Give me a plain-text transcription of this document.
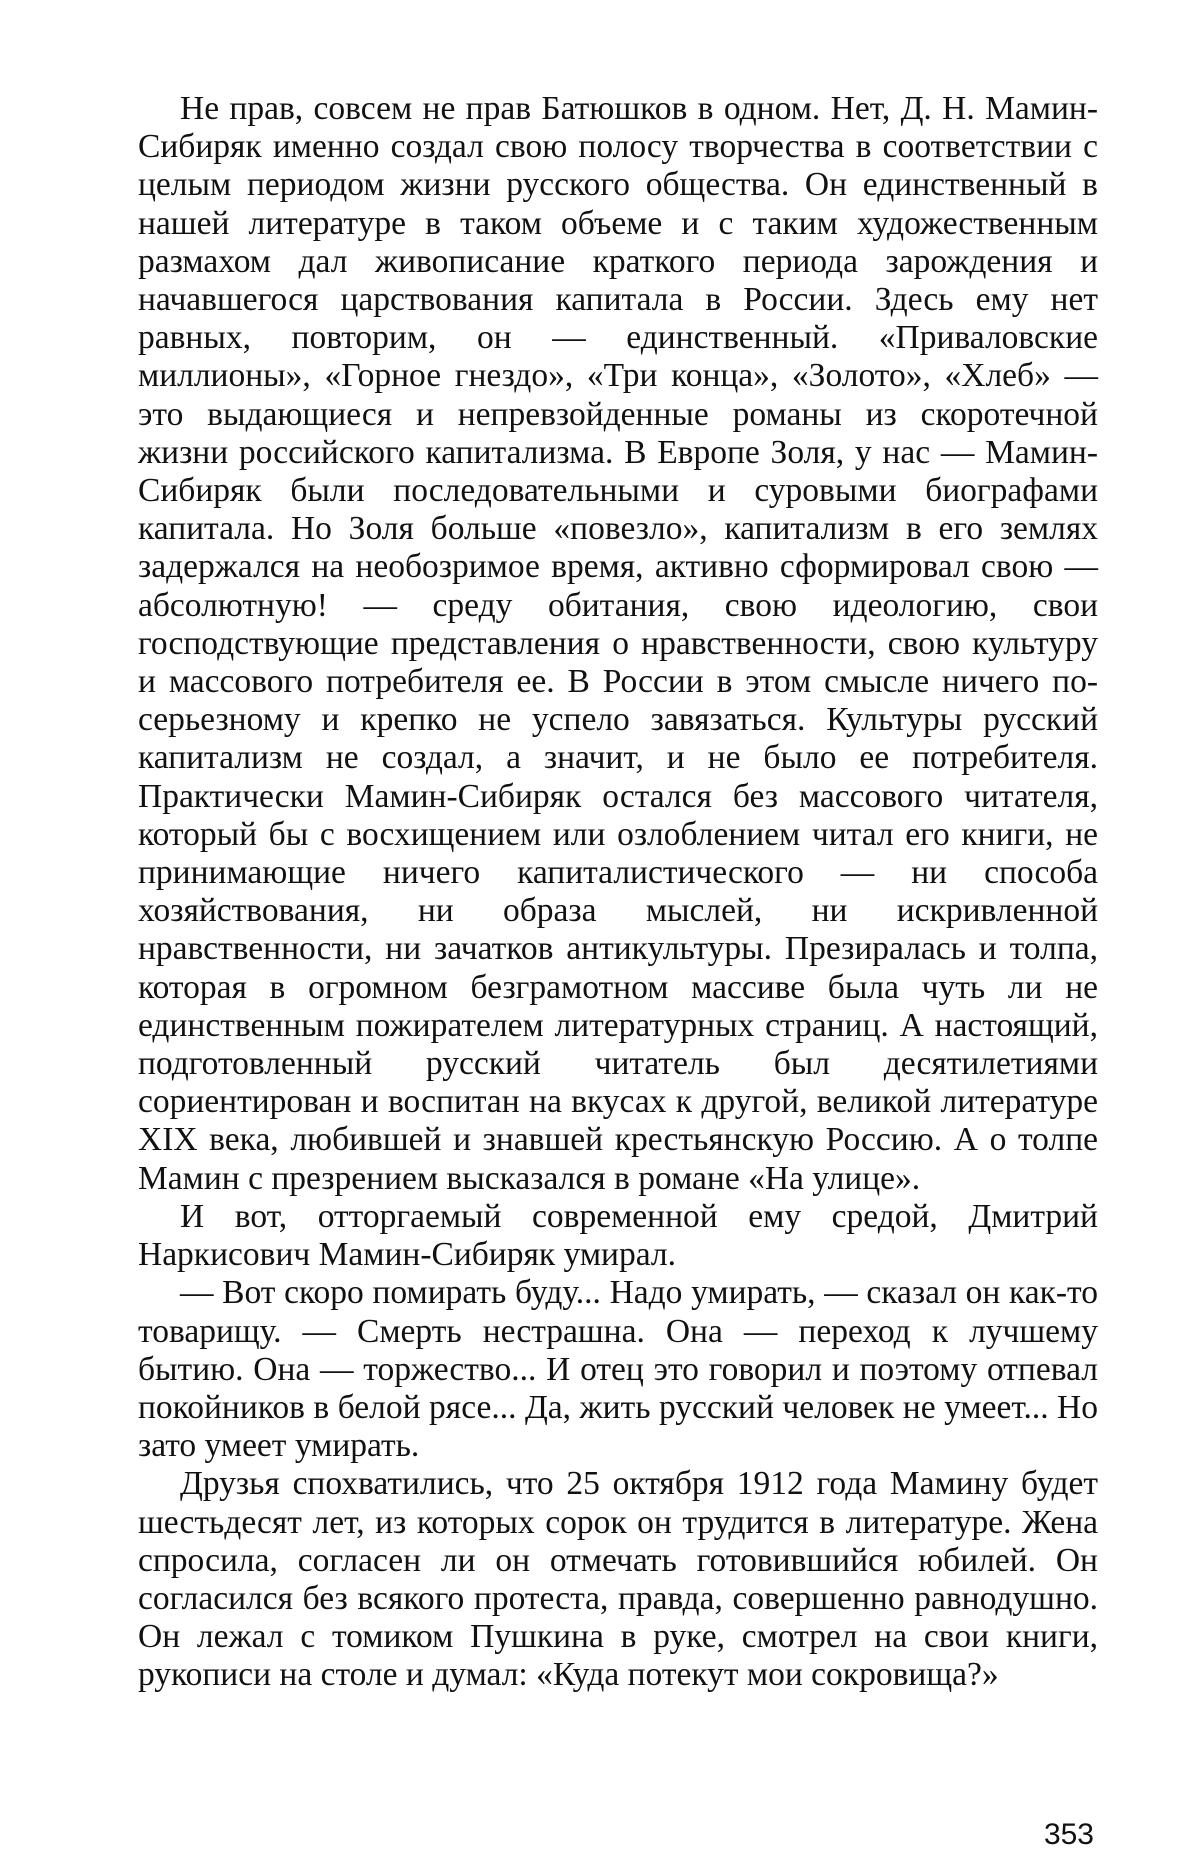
Не прав, совсем не прав Батюшков в одном. Нет, Д. Н. Мамин-Сибиряк именно создал свою полосу творчества в соответствии с целым периодом жизни русского общества. Он единственный в нашей литературе в таком объеме и с таким художественным размахом дал живописание краткого периода зарождения и начавшегося царствования капитала в России. Здесь ему нет равных, повторим, он — единственный. «Приваловские миллионы», «Горное гнездо», «Три конца», «Золото», «Хлеб» — это выдающиеся и непревзойденные романы из скоротечной жизни российского капитализма. В Европе Золя, у нас — Мамин-Сибиряк были последовательными и суровыми биографами капитала. Но Золя больше «повезло», капитализм в его землях задержался на необозримое время, активно сформировал свою — абсолютную! — среду обитания, свою идеологию, свои господствующие представления о нравственности, свою культуру и массового потребителя ее. В России в этом смысле ничего по-серьезному и крепко не успело завязаться. Культуры русский капитализм не создал, а значит, и не было ее потребителя. Практически Мамин-Сибиряк остался без массового читателя, который бы с восхищением или озлоблением читал его книги, не принимающие ничего капиталистического — ни способа хозяйствования, ни образа мыслей, ни искривленной нравственности, ни зачатков антикультуры. Презиралась и толпа, которая в огромном безграмотном массиве была чуть ли не единственным пожирателем литературных страниц. А настоящий, подготовленный русский читатель был десятилетиями сориентирован и воспитан на вкусах к другой, великой литературе XIX века, любившей и знавшей крестьянскую Россию. А о толпе Мамин с презрением высказался в романе «На улице».

И вот, отторгаемый современной ему средой, Дмитрий Наркисович Мамин-Сибиряк умирал.

— Вот скоро помирать буду... Надо умирать, — сказал он как-то товарищу. — Смерть нестрашна. Она — переход к лучшему бытию. Она — торжество... И отец это говорил и поэтому отпевал покойников в белой рясе... Да, жить русский человек не умеет... Но зато умеет умирать.

Друзья спохватились, что 25 октября 1912 года Мамину будет шестьдесят лет, из которых сорок он трудится в литературе. Жена спросила, согласен ли он отмечать готовившийся юбилей. Он согласился без всякого протеста, правда, совершенно равнодушно. Он лежал с томиком Пушкина в руке, смотрел на свои книги, рукописи на столе и думал: «Куда потекут мои сокровища?»

353
